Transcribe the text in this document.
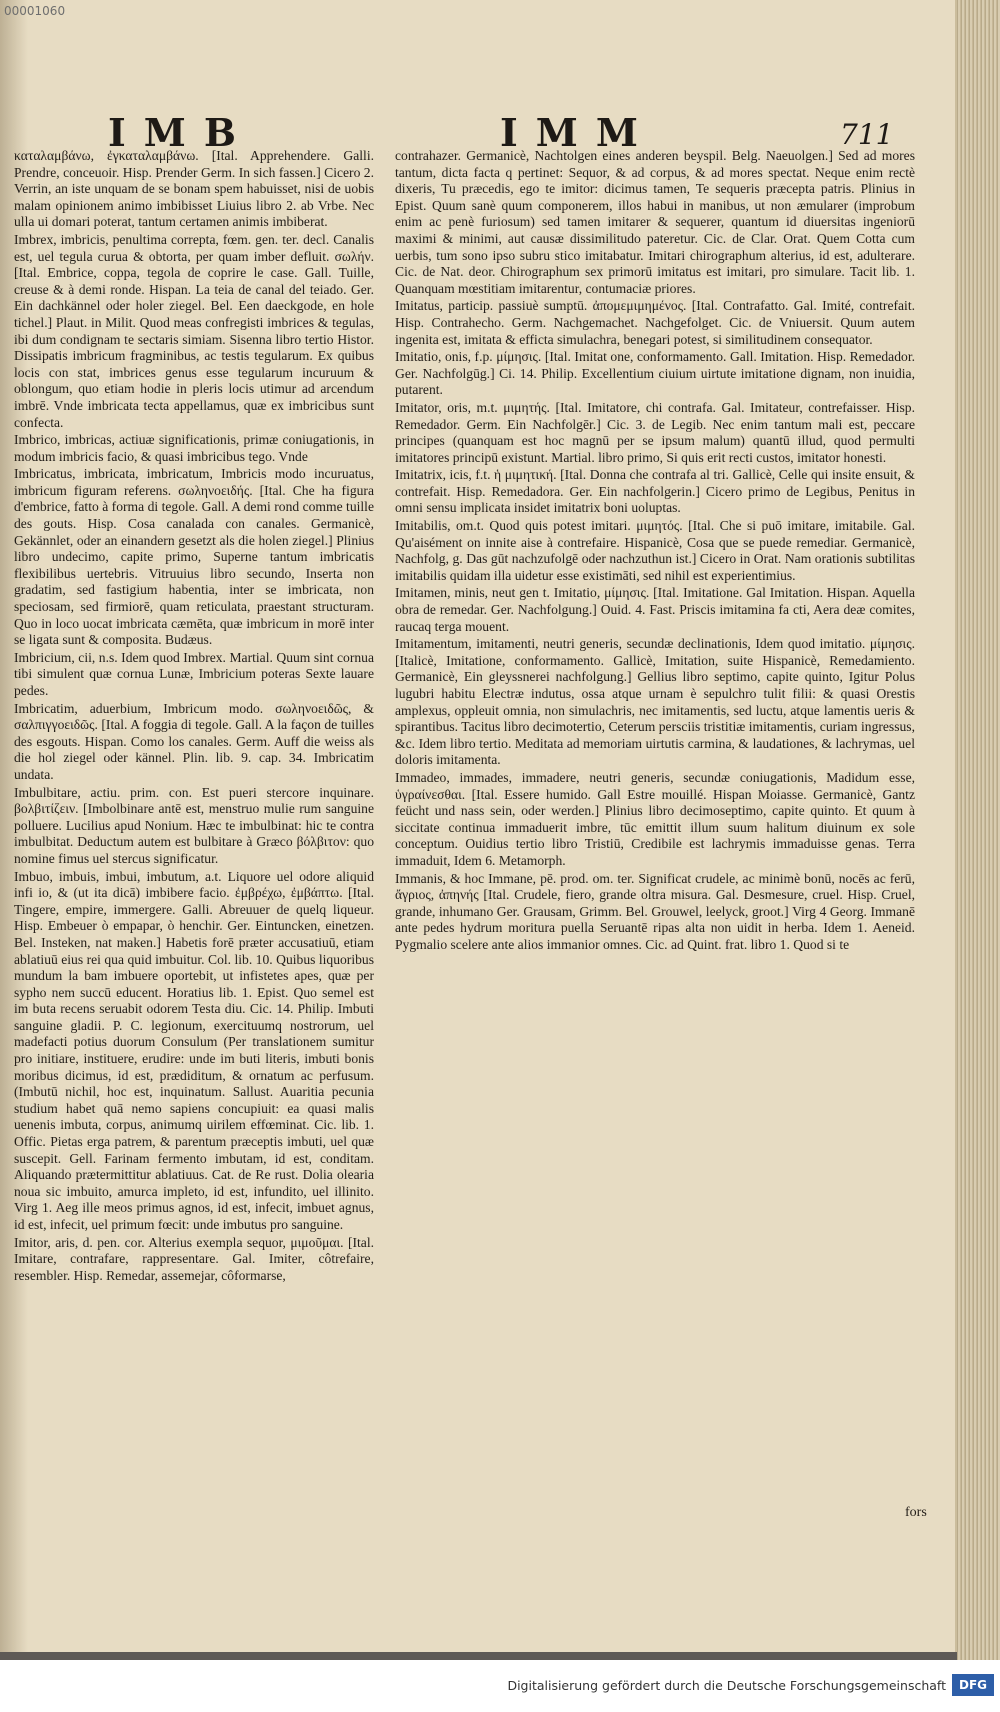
00001060
IMB	IMM	711

καταλαμβάνω, ἐγκαταλαμβάνω. [Ital. Apprehendere. Galli. Prendre, conceuoir. Hisp. Prender Germ. In sich fassen.] Cicero 2. Verrin, an iste unquam de se bonam spem habuisset, nisi de uobis malam opinionem animo imbibisset Liuius libro 2. ab Vrbe. Nec ulla ui domari poterat, tantum certamen animis imbiberat.

Imbrex, imbricis, penultima correpta, fœm. gen. ter. decl. Canalis est, uel tegula curua & obtorta, per quam imber defluit. σωλήν. [Ital. Embrice, coppa, tegola de coprire le case. Gall. Tuille, creuse & à demi ronde. Hispan. La teia de canal del teiado. Ger. Ein dachkännel oder holer ziegel. Bel. Een daeckgode, en hole tichel.] Plaut. in Milit. Quod meas confregisti imbrices & tegulas, ibi dum condignam te sectaris simiam. Sisenna libro tertio Histor. Dissipatis imbricum fragminibus, ac testis tegularum. Ex quibus locis con stat, imbrices genus esse tegularum incuruum & oblongum, quo etiam hodie in pleris locis utimur ad arcendum imbrē. Vnde imbricata tecta appellamus, quæ ex imbricibus sunt confecta.

Imbrico, imbricas, actiuæ significationis, primæ coniugationis, in modum imbricis facio, & quasi imbricibus tego. Vnde

Imbricatus, imbricata, imbricatum, Imbricis modo incuruatus, imbricum figuram referens. σωληνοειδής. [Ital. Che ha figura d'embrice, fatto à forma di tegole. Gall. A demi rond comme tuille des gouts. Hisp. Cosa canalada con canales. Germanicè, Gekännlet, oder an einandern gesetzt als die holen ziegel.] Plinius libro undecimo, capite primo, Superne tantum imbricatis flexibilibus uertebris. Vitruuius libro secundo, Inserta non gradatim, sed fastigium habentia, inter se imbricata, non speciosam, sed firmiorē, quam reticulata, praestant structuram. Quo in loco uocat imbricata cæmēta, quæ imbricum in morē inter se ligata sunt & composita. Budæus.

Imbricium, cii, n.s. Idem quod Imbrex. Martial. Quum sint cornua tibi simulent quæ cornua Lunæ, Imbricium poteras Sexte lauare pedes.

Imbricatim, aduerbium, Imbricum modo. σωληνοειδῶς, & σαλπιγγοειδῶς. [Ital. A foggia di tegole. Gall. A la façon de tuilles des esgouts. Hispan. Como los canales. Germ. Auff die weiss als die hol ziegel oder kännel. Plin. lib. 9. cap. 34. Imbricatim undata.

Imbulbitare, actiu. prim. con. Est pueri stercore inquinare. βολβιτίζειν. [Imbolbinare antē est, menstruo mulie rum sanguine polluere. Lucilius apud Nonium. Hæc te imbulbinat: hic te contra imbulbitat. Deductum autem est bulbitare à Græco βόλβιτον: quo nomine fimus uel stercus significatur.

Imbuo, imbuis, imbui, imbutum, a.t. Liquore uel odore aliquid infi io, & (ut ita dicā) imbibere facio. ἐμβρέχω, ἐμβάπτω. [Ital. Tingere, empire, immergere. Galli. Abreuuer de quelq liqueur. Hisp. Embeuer ò empapar, ò henchir. Ger. Eintuncken, einetzen. Bel. Insteken, nat maken.] Habetis forē præter accusatiuū, etiam ablatiuū eius rei qua quid imbuitur. Col. lib. 10. Quibus liquoribus mundum la bam imbuere oportebit, ut infistetes apes, quæ per sypho nem succū educent. Horatius lib. 1. Epist. Quo semel est im buta recens seruabit odorem Testa diu. Cic. 14. Philip. Imbuti sanguine gladii. P. C. legionum, exercituumq nostrorum, uel madefacti potius duorum Consulum (Per translationem sumitur pro initiare, instituere, erudire: unde im buti literis, imbuti bonis moribus dicimus, id est, prædiditum, & ornatum ac perfusum. (Imbutū nichil, hoc est, inquinatum. Sallust. Auaritia pecunia studium habet quā nemo sapiens concupiuit: ea quasi malis uenenis imbuta, corpus, animumq uirilem effœminat. Cic. lib. 1. Offic. Pietas erga patrem, & parentum præceptis imbuti, uel quæ suscepit. Gell. Farinam fermento imbutam, id est, conditam. Aliquando prætermittitur ablatiuus. Cat. de Re rust. Dolia olearia noua sic imbuito, amurca impleto, id est, infundito, uel illinito. Virg 1. Aeg ille meos primus agnos, id est, infecit, imbuet agnus, id est, infecit, uel primum fœcit: unde imbutus pro sanguine.

Imitor, aris, d. pen. cor. Alterius exempla sequor, μιμοῦμαι. [Ital. Imitare, contrafare, rappresentare. Gal. Imiter, côtrefaire, resembler. Hisp. Remedar, assemejar, côformarse,

contrahazer. Germanicè, Nachtolgen eines anderen beyspil. Belg. Naeuolgen.] Sed ad mores tantum, dicta facta q pertinet: Sequor, & ad corpus, & ad mores spectat. Neque enim rectè dixeris, Tu præcedis, ego te imitor: dicimus tamen, Te sequeris præcepta patris. Plinius in Epist. Quum sanè quum componerem, illos habui in manibus, ut non æmularer (improbum enim ac penè furiosum) sed tamen imitarer & sequerer, quantum id diuersitas ingeniorū maximi & minimi, aut causæ dissimilitudo pateretur. Cic. de Clar. Orat. Quem Cotta cum uerbis, tum sono ipso subru stico imitabatur. Imitari chirographum alterius, id est, adulterare. Cic. de Nat. deor. Chirographum sex primorū imitatus est imitari, pro simulare. Tacit lib. 1. Quanquam mœstitiam imitarentur, contumaciæ priores.

Imitatus, particip. passiuè sumptū. ἀπομεμιμημένος. [Ital. Contrafatto. Gal. Imité, contrefait. Hisp. Contrahecho. Germ. Nachgemachet. Nachgefolget. Cic. de Vniuersit. Quum autem ingenita est, imitata & efficta simulachra, benegari potest, si similitudinem consequator.

Imitatio, onis, f.p. μίμησις. [Ital. Imitat one, conformamento. Gall. Imitation. Hisp. Remedador. Ger. Nachfolgūg.] Ci. 14. Philip. Excellentium ciuium uirtute imitatione dignam, non inuidia, putarent.

Imitator, oris, m.t. μιμητής. [Ital. Imitatore, chi contrafa. Gal. Imitateur, contrefaisser. Hisp. Remedador. Germ. Ein Nachfolgēr.] Cic. 3. de Legib. Nec enim tantum mali est, peccare principes (quanquam est hoc magnū per se ipsum malum) quantū illud, quod permulti imitatores principū existunt. Martial. libro primo, Si quis erit recti custos, imitator honesti.

Imitatrix, icis, f.t. ἡ μιμητική. [Ital. Donna che contrafa al tri. Gallicè, Celle qui insite ensuit, & contrefait. Hisp. Remedadora. Ger. Ein nachfolgerin.] Cicero primo de Legibus, Penitus in omni sensu implicata insidet imitatrix boni uoluptas.

Imitabilis, om.t. Quod quis potest imitari. μιμητός. [Ital. Che si puō imitare, imitabile. Gal. Qu'aisément on innite aise à contrefaire. Hispanicè, Cosa que se puede remediar. Germanicè, Nachfolg, g. Das gūt nachzufolgē oder nachzuthun ist.] Cicero in Orat. Nam orationis subtilitas imitabilis quidam illa uidetur esse existimāti, sed nihil est experientimius.

Imitamen, minis, neut gen t. Imitatio, μίμησις. [Ital. Imitatione. Gal Imitation. Hispan. Aquella obra de remedar. Ger. Nachfolgung.] Ouid. 4. Fast. Priscis imitamina fa cti, Aera deæ comites, raucaq terga mouent.

Imitamentum, imitamenti, neutri generis, secundæ declinationis, Idem quod imitatio. μίμησις. [Italicè, Imitatione, conformamento. Gallicè, Imitation, suite Hispanicè, Remedamiento. Germanicè, Ein gleyssnerei nachfolgung.] Gellius libro septimo, capite quinto, Igitur Polus lugubri habitu Electræ indutus, ossa atque urnam è sepulchro tulit filii: & quasi Orestis amplexus, oppleuit omnia, non simulachris, nec imitamentis, sed luctu, atque lamentis ueris & spirantibus. Tacitus libro decimotertio, Ceterum persciis tristitiæ imitamentis, curiam ingressus, &c. Idem libro tertio. Meditata ad memoriam uirtutis carmina, & laudationes, & lachrymas, uel doloris imitamenta.

Immadeo, immades, immadere, neutri generis, secundæ coniugationis, Madidum esse, ὑγραίνεσθαι. [Ital. Essere humido. Gall Estre mouillé. Hispan Moiasse. Germanicè, Gantz feücht und nass sein, oder werden.] Plinius libro decimoseptimo, capite quinto. Et quum à siccitate continua immaduerit imbre, tūc emittit illum suum halitum diuinum ex sole conceptum. Ouidius tertio libro Tristiū, Credibile est lachrymis immaduisse genas. Terra immaduit, Idem 6. Metamorph.

Immanis, & hoc Immane, pē. prod. om. ter. Significat crudele, ac minimè bonū, nocēs ac ferū, ἄγριος, ἀπηνής [Ital. Crudele, fiero, grande oltra misura. Gal. Desmesure, cruel. Hisp. Cruel, grande, inhumano Ger. Grausam, Grimm. Bel. Grouwel, leelyck, groot.] Virg 4 Georg. Immanē ante pedes hydrum moritura puella Seruantē ripas alta non uidit in herba. Idem 1. Aeneid. Pygmalio scelere ante alios immanior omnes. Cic. ad Quint. frat. libro 1. Quod si te

fors
Digitalisierung gefördert durch die Deutsche Forschungsgemeinschaft	DFG
